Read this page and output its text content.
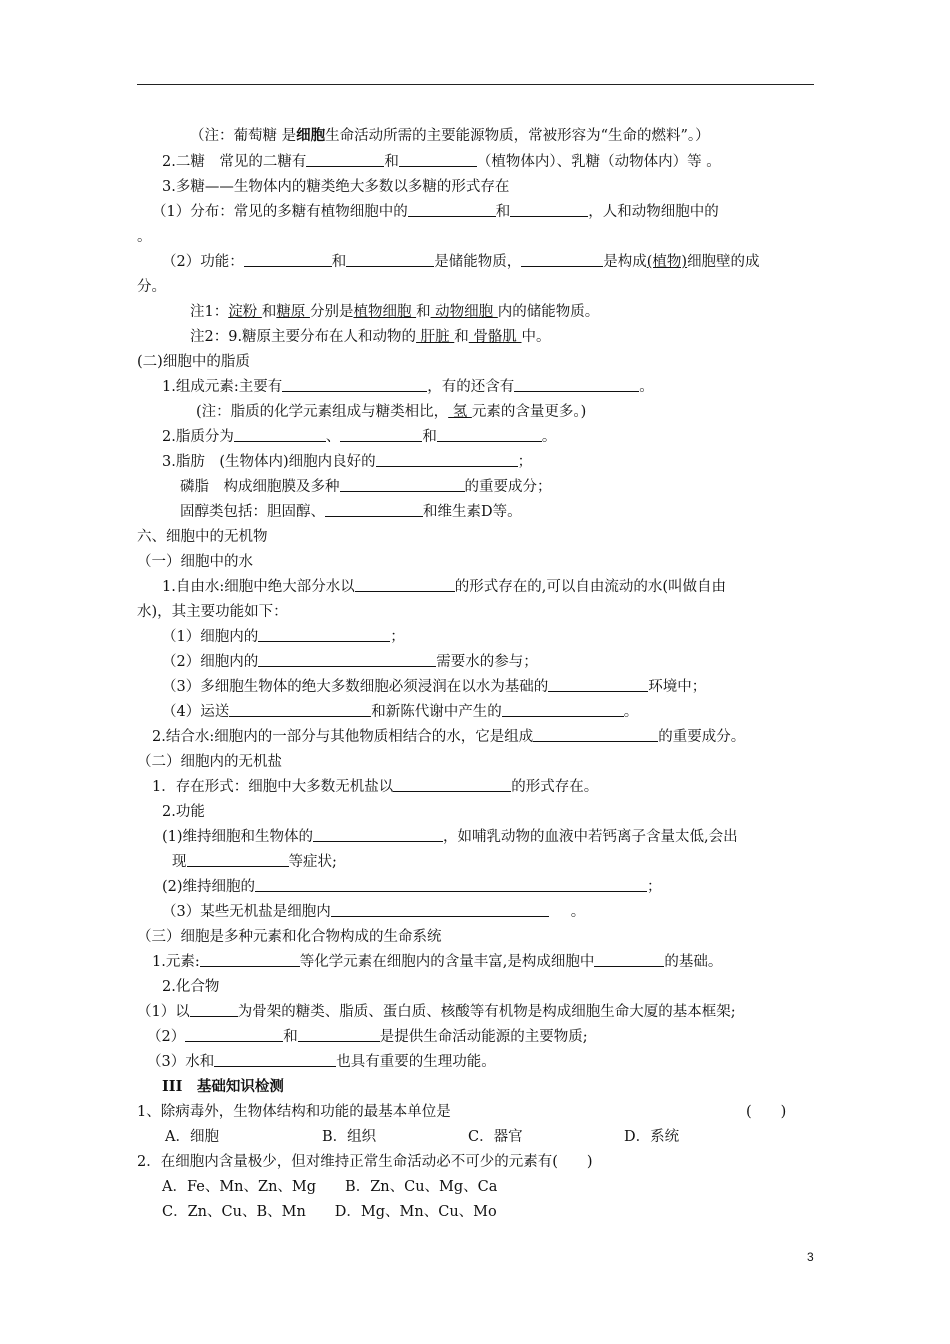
（注：葡萄糖 是细胞生命活动所需的主要能源物质，常被形容为“生命的燃料”。）
2.二糖　常见的二糖有	和	（植物体内）、乳糖（动物体内）等 。
3.多糖——生物体内的糖类绝大多数以多糖的形式存在
（1）分布：常见的多糖有植物细胞中的	和	，人和动物细胞中的
。
（2）功能：	和	是储能物质，	是构成(植物)细胞壁的成
分。
注1：淀粉 和糖原 分别是植物细胞 和 动物细胞 内的储能物质。
注2：9.糖原主要分布在人和动物的 肝脏 和 骨骼肌 中。
(二)细胞中的脂质
1.组成元素:主要有	，有的还含有	。
(注：脂质的化学元素组成与糖类相比， 氢 元素的含量更多。)
2.脂质分为	、	和	。
3.脂肪　(生物体内)细胞内良好的	；
磷脂　构成细胞膜及多种	的重要成分；
固醇类包括：胆固醇、	和维生素D等。
六、细胞中的无机物
（一）细胞中的水
1.自由水:细胞中绝大部分水以	的形式存在的,可以自由流动的水(叫做自由
水)，其主要功能如下：
（1）细胞内的	；
（2）细胞内的	需要水的参与；
（3）多细胞生物体的绝大多数细胞必须浸润在以水为基础的	环境中；
（4）运送	和新陈代谢中产生的	。
2.结合水:细胞内的一部分与其他物质相结合的水，它是组成	的重要成分。
（二）细胞内的无机盐
1．存在形式：细胞中大多数无机盐以	的形式存在。
2.功能
(1)维持细胞和生物体的	，如哺乳动物的血液中若钙离子含量太低,会出
现	等症状;
(2)维持细胞的	；
（3）某些无机盐是细胞内	。
（三）细胞是多种元素和化合物构成的生命系统
1.元素:	等化学元素在细胞内的含量丰富,是构成细胞中	的基础。
2.化合物
（1）以	为骨架的糖类、脂质、蛋白质、核酸等有机物是构成细胞生命大厦的基本框架;
（2）	和	是提供生命活动能源的主要物质;
（3）水和	也具有重要的生理功能。
III　基础知识检测
1、除病毒外，生物体结构和功能的最基本单位是	(　　)
A．细胞	B．组织	C．器官	D．系统
2．在细胞内含量极少，但对维持正常生命活动必不可少的元素有(　　)
A．Fe、Mn、Zn、Mg　　B．Zn、Cu、Mg、Ca
C．Zn、Cu、B、Mn　　D．Mg、Mn、Cu、Mo
3
